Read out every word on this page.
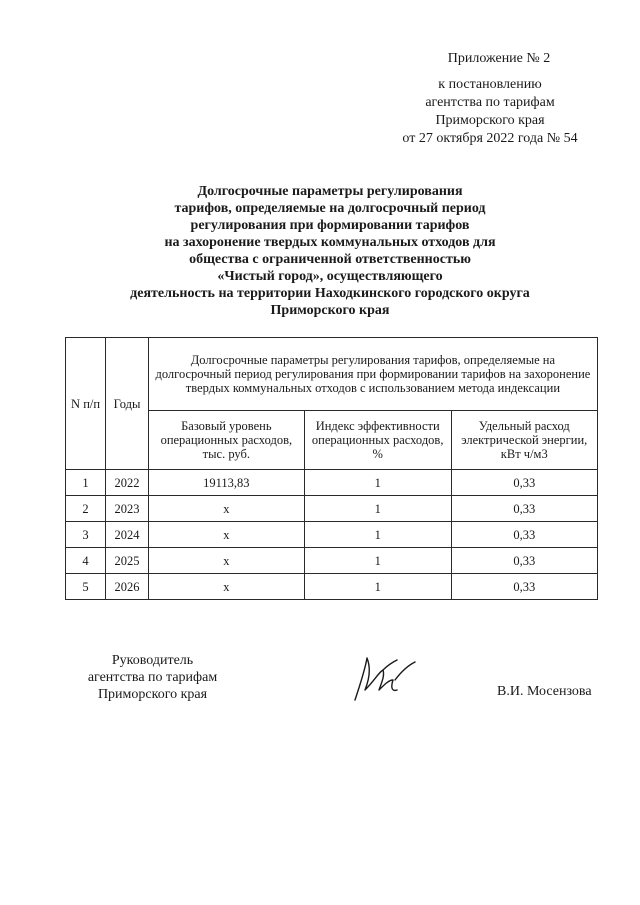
Приложение № 2
к постановлению
агентства по тарифам
Приморского края
от 27 октября 2022 года № 54
Долгосрочные параметры регулирования
тарифов, определяемые на долгосрочный период
регулирования при формировании тарифов
на захоронение твердых коммунальных отходов для
общества с ограниченной ответственностью
«Чистый город», осуществляющего
деятельность на территории Находкинского городского округа
Приморского края
N п/п	Годы	Долгосрочные параметры регулирования тарифов, определяемые на долгосрочный период регулирования при формировании тарифов на захоронение твердых коммунальных отходов с использованием метода индексации		
		Базовый уровень операционных расходов, тыс. руб.	Индекс эффективности операционных расходов, %	Удельный расход электрической энергии, кВт ч/м3
1	2022	19113,83	1	0,33
2	2023	x	1	0,33
3	2024	x	1	0,33
4	2025	x	1	0,33
5	2026	x	1	0,33
Руководитель
агентства по тарифам
Приморского края	В.И. Мосензова
